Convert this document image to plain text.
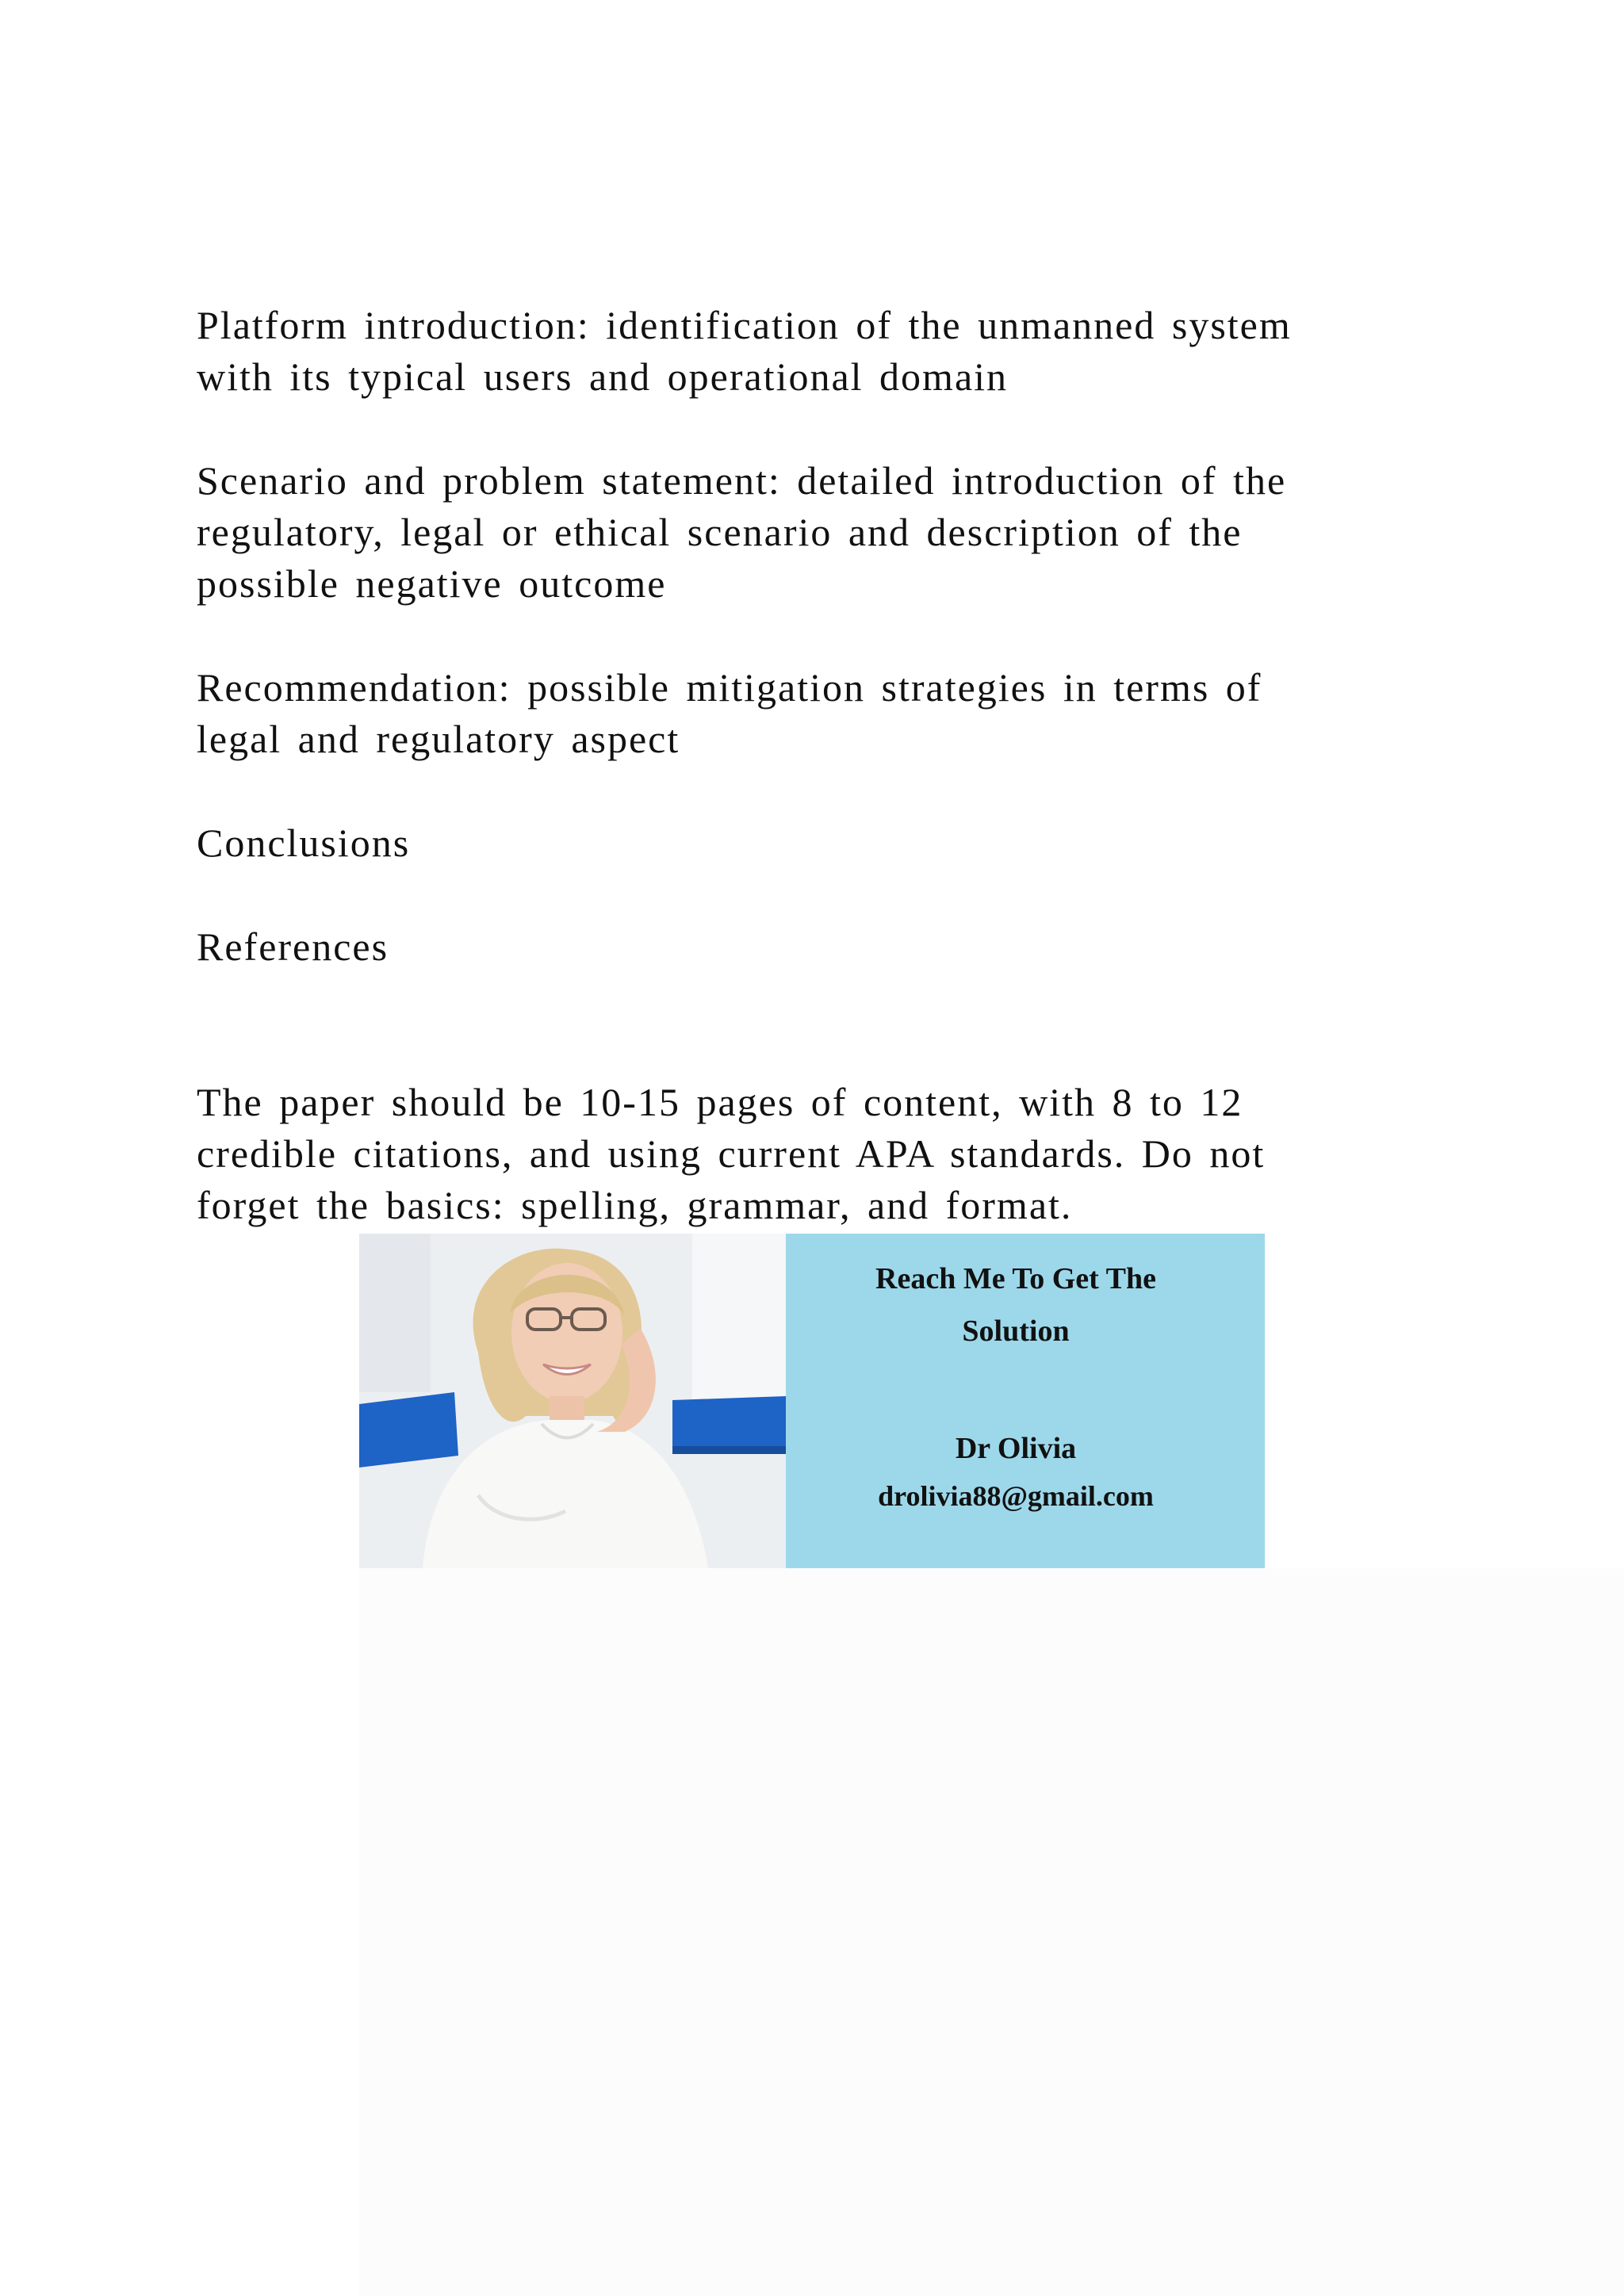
Platform introduction: identification of the unmanned system

with its typical users and operational domain

Scenario and problem statement: detailed introduction of the

regulatory, legal or ethical scenario and description of the

possible negative outcome

Recommendation: possible mitigation strategies in terms of

legal and regulatory aspect

Conclusions

References

The paper should be 10-15 pages of content, with 8 to 12

credible citations, and using current APA standards. Do not

forget the basics: spelling, grammar, and format.

Reach Me To Get The
Solution
Dr Olivia
drolivia88@gmail.com
